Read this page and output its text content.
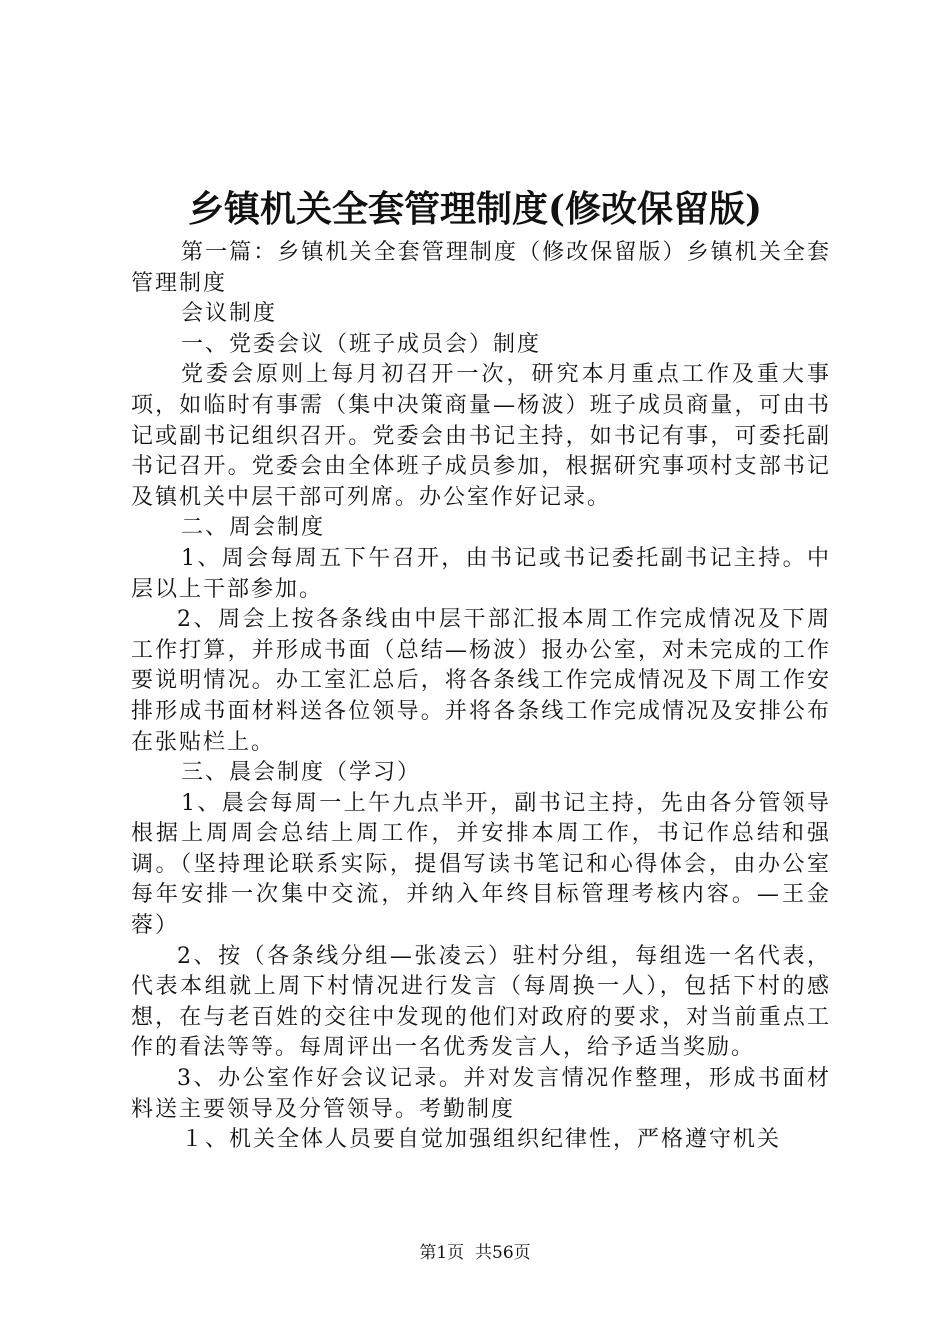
乡镇机关全套管理制度(修改保留版)

第一篇：乡镇机关全套管理制度（修改保留版）乡镇机关全套管理制度

会议制度

一、党委会议（班子成员会）制度

党委会原则上每月初召开一次，研究本月重点工作及重大事项，如临时有事需（集中决策商量—杨波）班子成员商量，可由书记或副书记组织召开。党委会由书记主持，如书记有事，可委托副书记召开。党委会由全体班子成员参加，根据研究事项村支部书记及镇机关中层干部可列席。办公室作好记录。

二、周会制度

1、周会每周五下午召开，由书记或书记委托副书记主持。中层以上干部参加。

2、周会上按各条线由中层干部汇报本周工作完成情况及下周工作打算，并形成书面（总结—杨波）报办公室，对未完成的工作要说明情况。办工室汇总后，将各条线工作完成情况及下周工作安排形成书面材料送各位领导。并将各条线工作完成情况及安排公布在张贴栏上。

三、晨会制度（学习）

1、晨会每周一上午九点半开，副书记主持，先由各分管领导根据上周周会总结上周工作，并安排本周工作，书记作总结和强调。（坚持理论联系实际，提倡写读书笔记和心得体会，由办公室每年安排一次集中交流，并纳入年终目标管理考核内容。—王金蓉）

2、按（各条线分组—张凌云）驻村分组，每组选一名代表，代表本组就上周下村情况进行发言（每周换一人），包括下村的感想，在与老百姓的交往中发现的他们对政府的要求，对当前重点工作的看法等等。每周评出一名优秀发言人，给予适当奖励。

3、办公室作好会议记录。并对发言情况作整理，形成书面材料送主要领导及分管领导。考勤制度

１、机关全体人员要自觉加强组织纪律性，严格遵守机关

第1页 共56页
